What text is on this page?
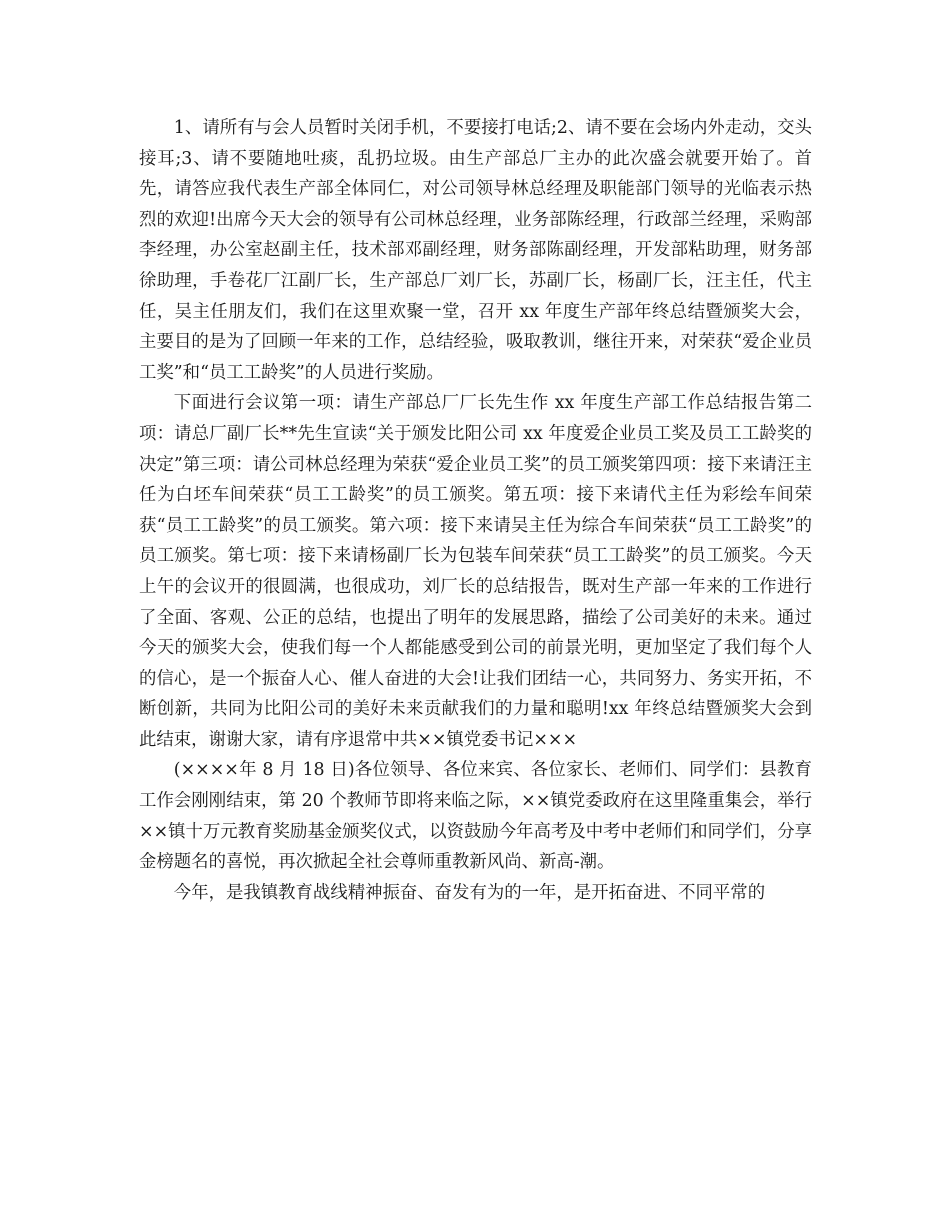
1、请所有与会人员暂时关闭手机，不要接打电话;2、请不要在会场内外走动，交头接耳;3、请不要随地吐痰，乱扔垃圾。由生产部总厂主办的此次盛会就要开始了。首先，请答应我代表生产部全体同仁，对公司领导林总经理及职能部门领导的光临表示热烈的欢迎!出席今天大会的领导有公司林总经理，业务部陈经理，行政部兰经理，采购部李经理，办公室赵副主任，技术部邓副经理，财务部陈副经理，开发部粘助理，财务部徐助理，手卷花厂江副厂长，生产部总厂刘厂长，苏副厂长，杨副厂长，汪主任，代主任，吴主任朋友们，我们在这里欢聚一堂，召开 xx 年度生产部年终总结暨颁奖大会，主要目的是为了回顾一年来的工作，总结经验，吸取教训，继往开来，对荣获“爱企业员工奖”和“员工工龄奖”的人员进行奖励。

下面进行会议第一项：请生产部总厂厂长先生作 xx 年度生产部工作总结报告第二项：请总厂副厂长**先生宣读“关于颁发比阳公司 xx 年度爱企业员工奖及员工工龄奖的决定”第三项：请公司林总经理为荣获“爱企业员工奖”的员工颁奖第四项：接下来请汪主任为白坯车间荣获“员工工龄奖”的员工颁奖。第五项：接下来请代主任为彩绘车间荣获“员工工龄奖”的员工颁奖。第六项：接下来请吴主任为综合车间荣获“员工工龄奖”的员工颁奖。第七项：接下来请杨副厂长为包装车间荣获“员工工龄奖”的员工颁奖。今天上午的会议开的很圆满，也很成功，刘厂长的总结报告，既对生产部一年来的工作进行了全面、客观、公正的总结，也提出了明年的发展思路，描绘了公司美好的未来。通过今天的颁奖大会，使我们每一个人都能感受到公司的前景光明，更加坚定了我们每个人的信心，是一个振奋人心、催人奋进的大会!让我们团结一心，共同努力、务实开拓，不断创新，共同为比阳公司的美好未来贡献我们的力量和聪明!xx 年终总结暨颁奖大会到此结束，谢谢大家，请有序退常中共××镇党委书记×××

(××××年 8 月 18 日)各位领导、各位来宾、各位家长、老师们、同学们：县教育工作会刚刚结束，第 20 个教师节即将来临之际，××镇党委政府在这里隆重集会，举行××镇十万元教育奖励基金颁奖仪式，以资鼓励今年高考及中考中老师们和同学们，分享金榜题名的喜悦，再次掀起全社会尊师重教新风尚、新高-潮。

今年，是我镇教育战线精神振奋、奋发有为的一年，是开拓奋进、不同平常的
